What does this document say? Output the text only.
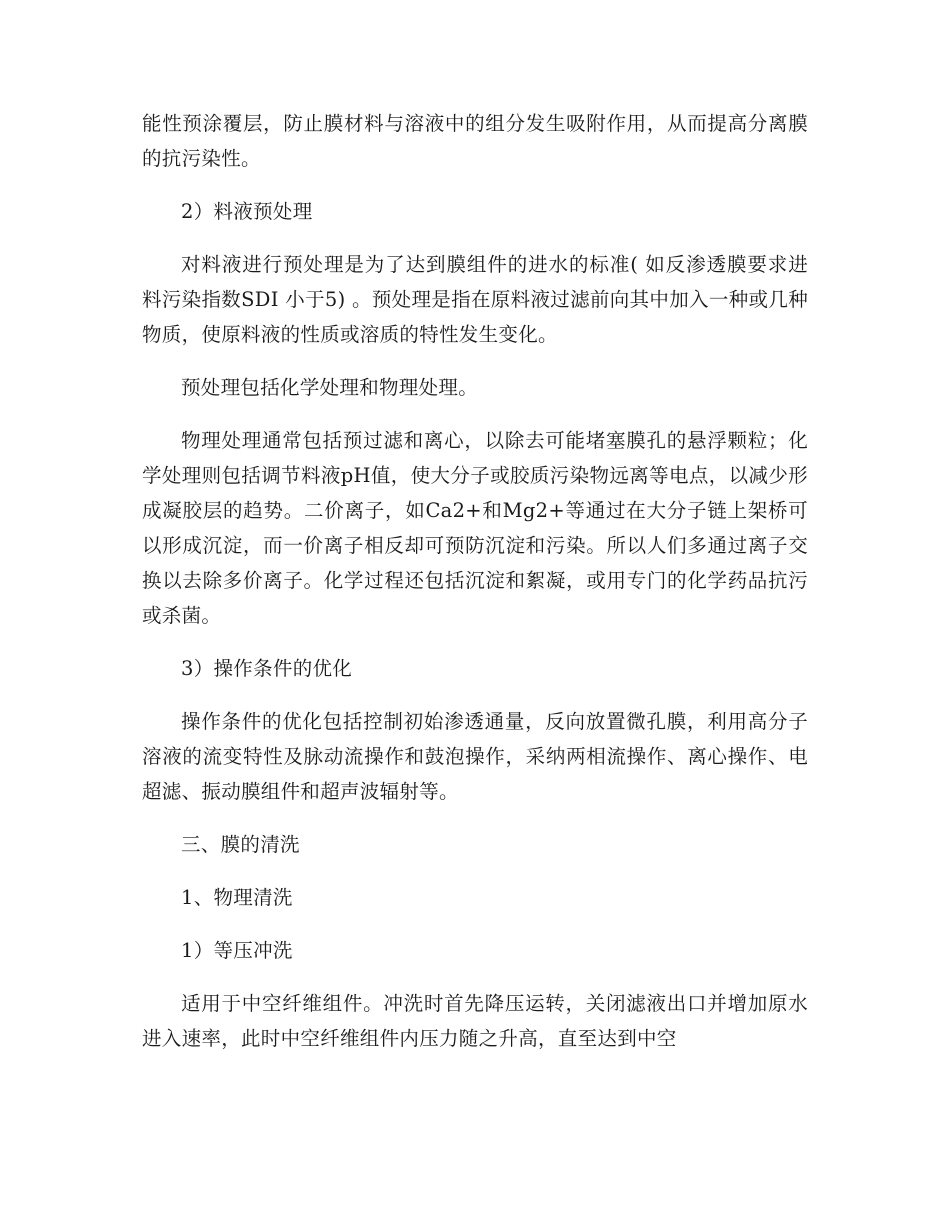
能性预涂覆层，防止膜材料与溶液中的组分发生吸附作用，从而提高分离膜的抗污染性。

2）料液预处理

对料液进行预处理是为了达到膜组件的进水的标准( 如反渗透膜要求进料污染指数SDI 小于5) 。预处理是指在原料液过滤前向其中加入一种或几种物质，使原料液的性质或溶质的特性发生变化。

预处理包括化学处理和物理处理。

物理处理通常包括预过滤和离心，以除去可能堵塞膜孔的悬浮颗粒；化学处理则包括调节料液pH值，使大分子或胶质污染物远离等电点，以减少形成凝胶层的趋势。二价离子，如Ca2+和Mg2+等通过在大分子链上架桥可以形成沉淀，而一价离子相反却可预防沉淀和污染。所以人们多通过离子交换以去除多价离子。化学过程还包括沉淀和絮凝，或用专门的化学药品抗污或杀菌。

3）操作条件的优化

操作条件的优化包括控制初始渗透通量，反向放置微孔膜，利用高分子溶液的流变特性及脉动流操作和鼓泡操作，采纳两相流操作、离心操作、电超滤、振动膜组件和超声波辐射等。

三、膜的清洗

1、物理清洗

1）等压冲洗

适用于中空纤维组件。冲洗时首先降压运转，关闭滤液出口并增加原水进入速率，此时中空纤维组件内压力随之升高，直至达到中空
